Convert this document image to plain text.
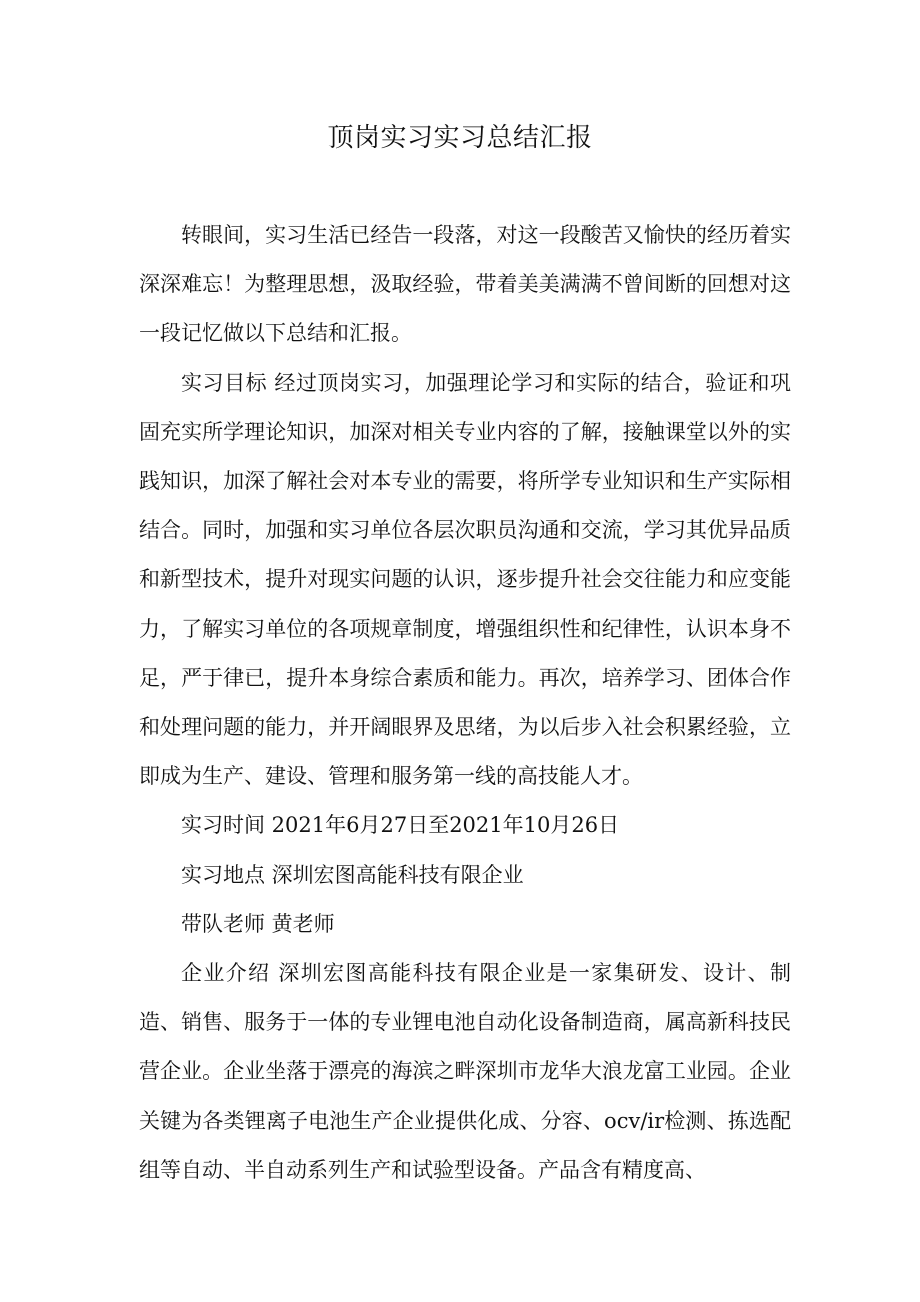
顶岗实习实习总结汇报

转眼间，实习生活已经告一段落，对这一段酸苦又愉快的经历着实深深难忘！为整理思想，汲取经验，带着美美满满不曾间断的回想对这一段记忆做以下总结和汇报。

实习目标 经过顶岗实习，加强理论学习和实际的结合，验证和巩固充实所学理论知识，加深对相关专业内容的了解，接触课堂以外的实践知识，加深了解社会对本专业的需要，将所学专业知识和生产实际相结合。同时，加强和实习单位各层次职员沟通和交流，学习其优异品质和新型技术，提升对现实问题的认识，逐步提升社会交往能力和应变能力，了解实习单位的各项规章制度，增强组织性和纪律性，认识本身不足，严于律已，提升本身综合素质和能力。再次，培养学习、团体合作和处理问题的能力，并开阔眼界及思绪，为以后步入社会积累经验，立即成为生产、建设、管理和服务第一线的高技能人才。

实习时间 2021年6月27日至2021年10月26日

实习地点 深圳宏图高能科技有限企业

带队老师 黄老师

企业介绍 深圳宏图高能科技有限企业是一家集研发、设计、制造、销售、服务于一体的专业锂电池自动化设备制造商，属高新科技民营企业。企业坐落于漂亮的海滨之畔深圳市龙华大浪龙富工业园。企业关键为各类锂离子电池生产企业提供化成、分容、ocv/ir检测、拣选配组等自动、半自动系列生产和试验型设备。产品含有精度高、
